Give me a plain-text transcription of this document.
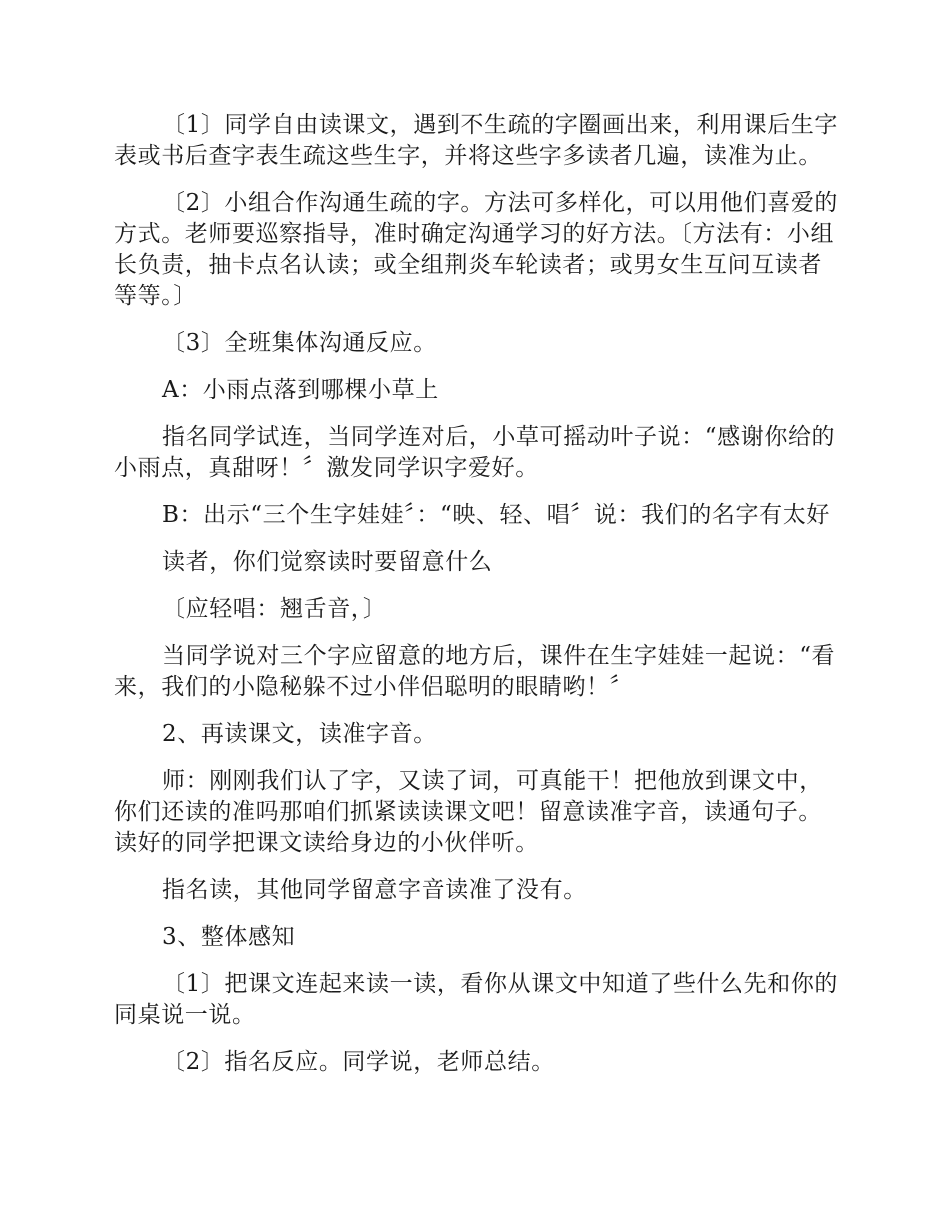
〔1〕同学自由读课文，遇到不生疏的字圈画出来，利用课后生字表或书后查字表生疏这些生字，并将这些字多读者几遍，读准为止。

〔2〕小组合作沟通生疏的字。方法可多样化，可以用他们喜爱的方式。老师要巡察指导，准时确定沟通学习的好方法。〔方法有：小组长负责，抽卡点名认读；或全组荆炎车轮读者；或男女生互问互读者等等。〕

〔3〕全班集体沟通反应。

A：小雨点落到哪棵小草上

指名同学试连，当同学连对后，小草可摇动叶子说：“感谢你给的小雨点，真甜呀！〞激发同学识字爱好。

B：出示“三个生字娃娃〞：“映、轻、唱〞说：我们的名字有太好

读者，你们觉察读时要留意什么

〔应轻唱：翘舌音，〕

当同学说对三个字应留意的地方后，课件在生字娃娃一起说：“看来，我们的小隐秘躲不过小伴侣聪明的眼睛哟！〞

2、再读课文，读准字音。

师：刚刚我们认了字，又读了词，可真能干！把他放到课文中，你们还读的准吗那咱们抓紧读读课文吧！留意读准字音，读通句子。读好的同学把课文读给身边的小伙伴听。

指名读，其他同学留意字音读准了没有。

3、整体感知

〔1〕把课文连起来读一读，看你从课文中知道了些什么先和你的同桌说一说。

〔2〕指名反应。同学说，老师总结。
